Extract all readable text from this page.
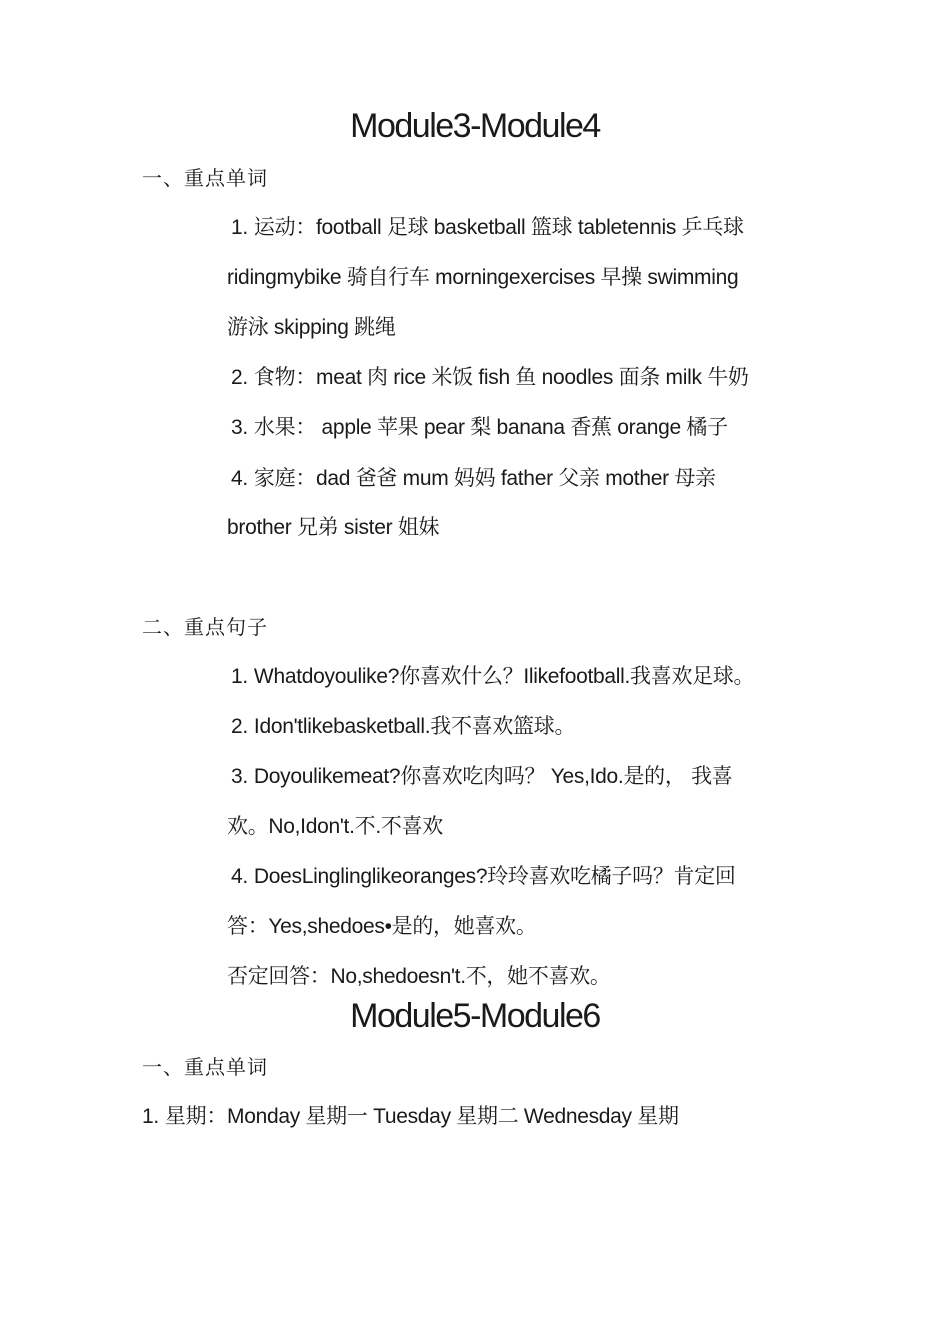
Module3-Module4
一、重点单词
1. 运动：football 足球 basketball 篮球 tabletennis 乒乓球
ridingmybike 骑自行车 morningexercises 早操 swimming
游泳 skipping 跳绳
2. 食物：meat 肉 rice 米饭 fish 鱼 noodles 面条 milk 牛奶
3. 水果： apple 苹果 pear 梨 banana 香蕉 orange 橘子
4. 家庭：dad 爸爸 mum 妈妈 father 父亲 mother 母亲
brother 兄弟 sister 姐妹
二、重点句子
1. Whatdoyoulike?你喜欢什么？Ilikefootball.我喜欢足球。
2. Idon'tlikebasketball.我不喜欢篮球。
3. Doyoulikemeat?你喜欢吃肉吗？ Yes,Ido.是的， 我喜
欢。No,Idon't.不.不喜欢
4. DoesLinglinglikeoranges?玲玲喜欢吃橘子吗？肯定回
答：Yes,shedoes•是的，她喜欢。
否定回答：No,shedoesn't.不，她不喜欢。
Module5-Module6
一、重点单词
1. 星期：Monday 星期一 Tuesday 星期二 Wednesday 星期
